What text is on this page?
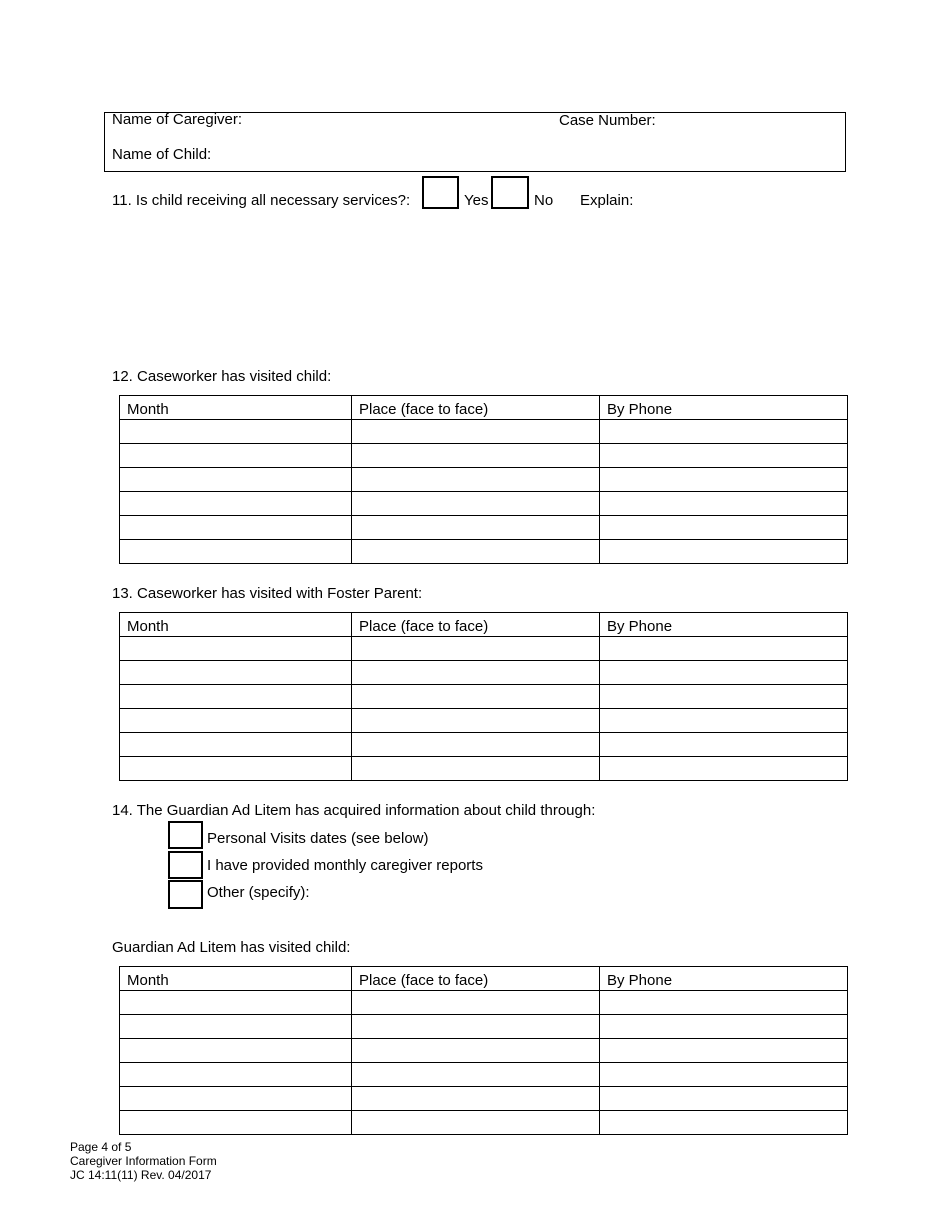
Name of Caregiver:	Case Number:
Name of Child:
11. Is child receiving all necessary services?:	Yes	No Explain:
12. Caseworker has visited child:
Month	Place (face to face)	By Phone

13. Caseworker has visited with Foster Parent:
Month	Place (face to face)	By Phone

14. The Guardian Ad Litem has acquired information about child through:
Personal Visits dates (see below)
I have provided monthly caregiver reports
Other (specify):
Guardian Ad Litem has visited child:
Month	Place (face to face)	By Phone

Page 4 of 5
Caregiver Information Form
JC 14:11(11) Rev. 04/2017
